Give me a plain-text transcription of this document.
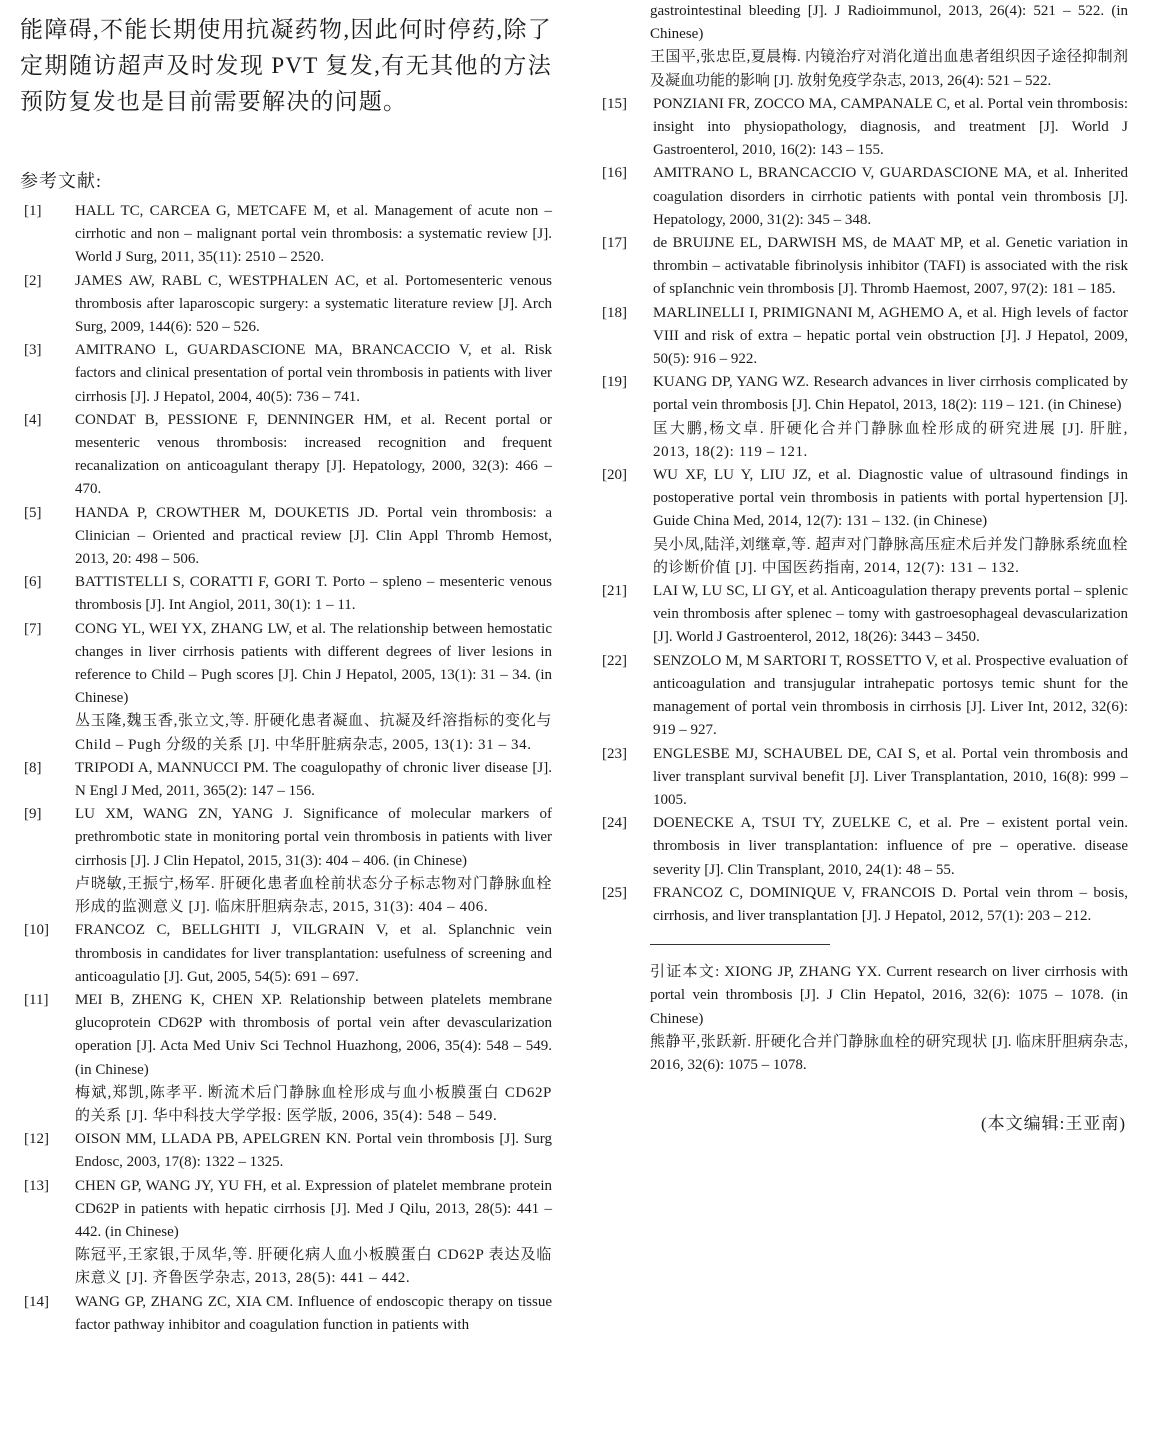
能障碍,不能长期使用抗凝药物,因此何时停药,除了定期随访超声及时发现 PVT 复发,有无其他的方法预防复发也是目前需要解决的问题。
参考文献:
[1] HALL TC, CARCEA G, METCAFE M, et al. Management of acute non – cirrhotic and non – malignant portal vein thrombosis: a systematic review [J]. World J Surg, 2011, 35(11): 2510 – 2520.

[2] JAMES AW, RABL C, WESTPHALEN AC, et al. Portomesenteric venous thrombosis after laparoscopic surgery: a systematic literature review [J]. Arch Surg, 2009, 144(6): 520 – 526.

[3] AMITRANO L, GUARDASCIONE MA, BRANCACCIO V, et al. Risk factors and clinical presentation of portal vein thrombosis in patients with liver cirrhosis [J]. J Hepatol, 2004, 40(5): 736 – 741.

[4] CONDAT B, PESSIONE F, DENNINGER HM, et al. Recent portal or mesenteric venous thrombosis: increased recognition and frequent recanalization on anticoagulant therapy [J]. Hepatology, 2000, 32(3): 466 – 470.

[5] HANDA P, CROWTHER M, DOUKETIS JD. Portal vein thrombosis: a Clinician – Oriented and practical review [J]. Clin Appl Thromb Hemost, 2013, 20: 498 – 506.

[6] BATTISTELLI S, CORATTI F, GORI T. Porto – spleno – mesenteric venous thrombosis [J]. Int Angiol, 2011, 30(1): 1 – 11.

[7] CONG YL, WEI YX, ZHANG LW, et al. The relationship between hemostatic changes in liver cirrhosis patients with different degrees of liver lesions in reference to Child – Pugh scores [J]. Chin J Hepatol, 2005, 13(1): 31 – 34. (in Chinese)

丛玉隆,魏玉香,张立文,等. 肝硬化患者凝血、抗凝及纤溶指标的变化与 Child – Pugh 分级的关系 [J]. 中华肝脏病杂志, 2005, 13(1): 31 – 34.

[8] TRIPODI A, MANNUCCI PM. The coagulopathy of chronic liver disease [J]. N Engl J Med, 2011, 365(2): 147 – 156.

[9] LU XM, WANG ZN, YANG J. Significance of molecular markers of prethrombotic state in monitoring portal vein thrombosis in patients with liver cirrhosis [J]. J Clin Hepatol, 2015, 31(3): 404 – 406. (in Chinese)

卢晓敏,王振宁,杨军. 肝硬化患者血栓前状态分子标志物对门静脉血栓形成的监测意义 [J]. 临床肝胆病杂志, 2015, 31(3): 404 – 406.

[10] FRANCOZ C, BELLGHITI J, VILGRAIN V, et al. Splanchnic vein thrombosis in candidates for liver transplantation: usefulness of screening and anticoagulatio [J]. Gut, 2005, 54(5): 691 – 697.

[11] MEI B, ZHENG K, CHEN XP. Relationship between platelets membrane glucoprotein CD62P with thrombosis of portal vein after devascularization operation [J]. Acta Med Univ Sci Technol Huazhong, 2006, 35(4): 548 – 549. (in Chinese)

梅斌,郑凯,陈孝平. 断流术后门静脉血栓形成与血小板膜蛋白 CD62P 的关系 [J]. 华中科技大学学报: 医学版, 2006, 35(4): 548 – 549.

[12] OISON MM, LLADA PB, APELGREN KN. Portal vein thrombosis [J]. Surg Endosc, 2003, 17(8): 1322 – 1325.

[13] CHEN GP, WANG JY, YU FH, et al. Expression of platelet membrane protein CD62P in patients with hepatic cirrhosis [J]. Med J Qilu, 2013, 28(5): 441 – 442. (in Chinese)

陈冠平,王家银,于凤华,等. 肝硬化病人血小板膜蛋白 CD62P 表达及临床意义 [J]. 齐鲁医学杂志, 2013, 28(5): 441 – 442.

[14] WANG GP, ZHANG ZC, XIA CM. Influence of endoscopic therapy on tissue factor pathway inhibitor and coagulation function in patients with

gastrointestinal bleeding [J]. J Radioimmunol, 2013, 26(4): 521 – 522. (in Chinese)

王国平,张忠臣,夏晨梅. 内镜治疗对消化道出血患者组织因子途径抑制剂及凝血功能的影响 [J]. 放射免疫学杂志, 2013, 26(4): 521 – 522.

[15] PONZIANI FR, ZOCCO MA, CAMPANALE C, et al. Portal vein thrombosis: insight into physiopathology, diagnosis, and treatment [J]. World J Gastroenterol, 2010, 16(2): 143 – 155.

[16] AMITRANO L, BRANCACCIO V, GUARDASCIONE MA, et al. Inherited coagulation disorders in cirrhotic patients with pontal vein thrombosis [J]. Hepatology, 2000, 31(2): 345 – 348.

[17] de BRUIJNE EL, DARWISH MS, de MAAT MP, et al. Genetic variation in thrombin – activatable fibrinolysis inhibitor (TAFI) is associated with the risk of spIanchnic vein thrombosis [J]. Thromb Haemost, 2007, 97(2): 181 – 185.

[18] MARLINELLI I, PRIMIGNANI M, AGHEMO A, et al. High levels of factor VIII and risk of extra – hepatic portal vein obstruction [J]. J Hepatol, 2009, 50(5): 916 – 922.

[19] KUANG DP, YANG WZ. Research advances in liver cirrhosis complicated by portal vein thrombosis [J]. Chin Hepatol, 2013, 18(2): 119 – 121. (in Chinese)

匡大鹏,杨文卓. 肝硬化合并门静脉血栓形成的研究进展 [J]. 肝脏, 2013, 18(2): 119 – 121.

[20] WU XF, LU Y, LIU JZ, et al. Diagnostic value of ultrasound findings in postoperative portal vein thrombosis in patients with portal hypertension [J]. Guide China Med, 2014, 12(7): 131 – 132. (in Chinese)

吴小凤,陆洋,刘继章,等. 超声对门静脉高压症术后并发门静脉系统血栓的诊断价值 [J]. 中国医药指南, 2014, 12(7): 131 – 132.

[21] LAI W, LU SC, LI GY, et al. Anticoagulation therapy prevents portal – splenic vein thrombosis after splenec – tomy with gastroesophageal devascularization [J]. World J Gastroenterol, 2012, 18(26): 3443 – 3450.

[22] SENZOLO M, M SARTORI T, ROSSETTO V, et al. Prospective evaluation of anticoagulation and transjugular intrahepatic portosys temic shunt for the management of portal vein thrombosis in cirrhosis [J]. Liver Int, 2012, 32(6): 919 – 927.

[23] ENGLESBE MJ, SCHAUBEL DE, CAI S, et al. Portal vein thrombosis and liver transplant survival benefit [J]. Liver Transplantation, 2010, 16(8): 999 – 1005.

[24] DOENECKE A, TSUI TY, ZUELKE C, et al. Pre – existent portal vein. thrombosis in liver transplantation: influence of pre – operative. disease severity [J]. Clin Transplant, 2010, 24(1): 48 – 55.

[25] FRANCOZ C, DOMINIQUE V, FRANCOIS D. Portal vein throm – bosis, cirrhosis, and liver transplantation [J]. J Hepatol, 2012, 57(1): 203 – 212.

引证本文: XIONG JP, ZHANG YX. Current research on liver cirrhosis with portal vein thrombosis [J]. J Clin Hepatol, 2016, 32(6): 1075 – 1078. (in Chinese)

熊静平,张跃新. 肝硬化合并门静脉血栓的研究现状 [J]. 临床肝胆病杂志, 2016, 32(6): 1075 – 1078.

(本文编辑:王亚南)
